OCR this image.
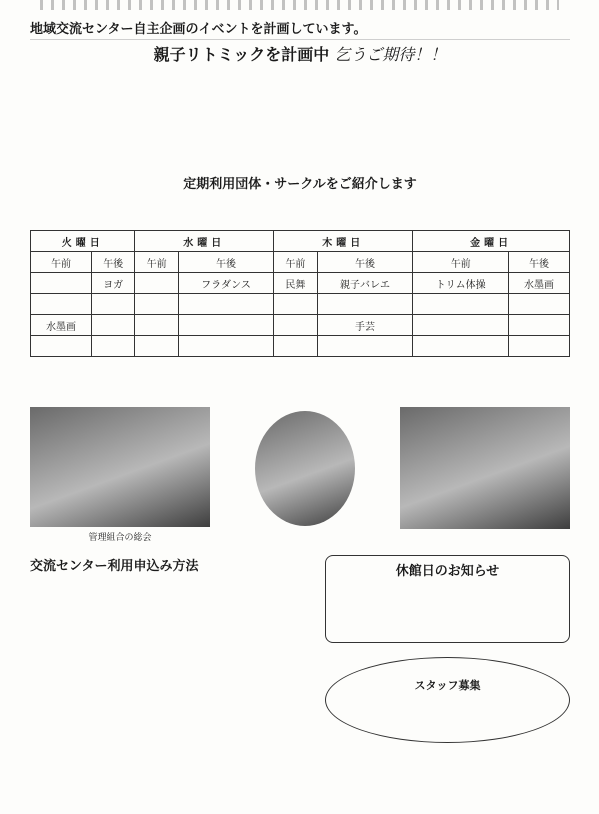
地域交流センター自主企画のイベントを計画しています。
親子リトミックを計画中 乞うご期待！！
定期利用団体・サークルをご紹介します
火曜日		水曜日		木曜日		金曜日	
午前	午後	午前	午後	午前	午後	午前	午後
	ヨガ		フラダンス	民舞	親子バレエ	トリム体操	水墨画

水墨画					手芸		

管理組合の総会
交流センター利用申込み方法	休館日のお知らせ
スタッフ募集
